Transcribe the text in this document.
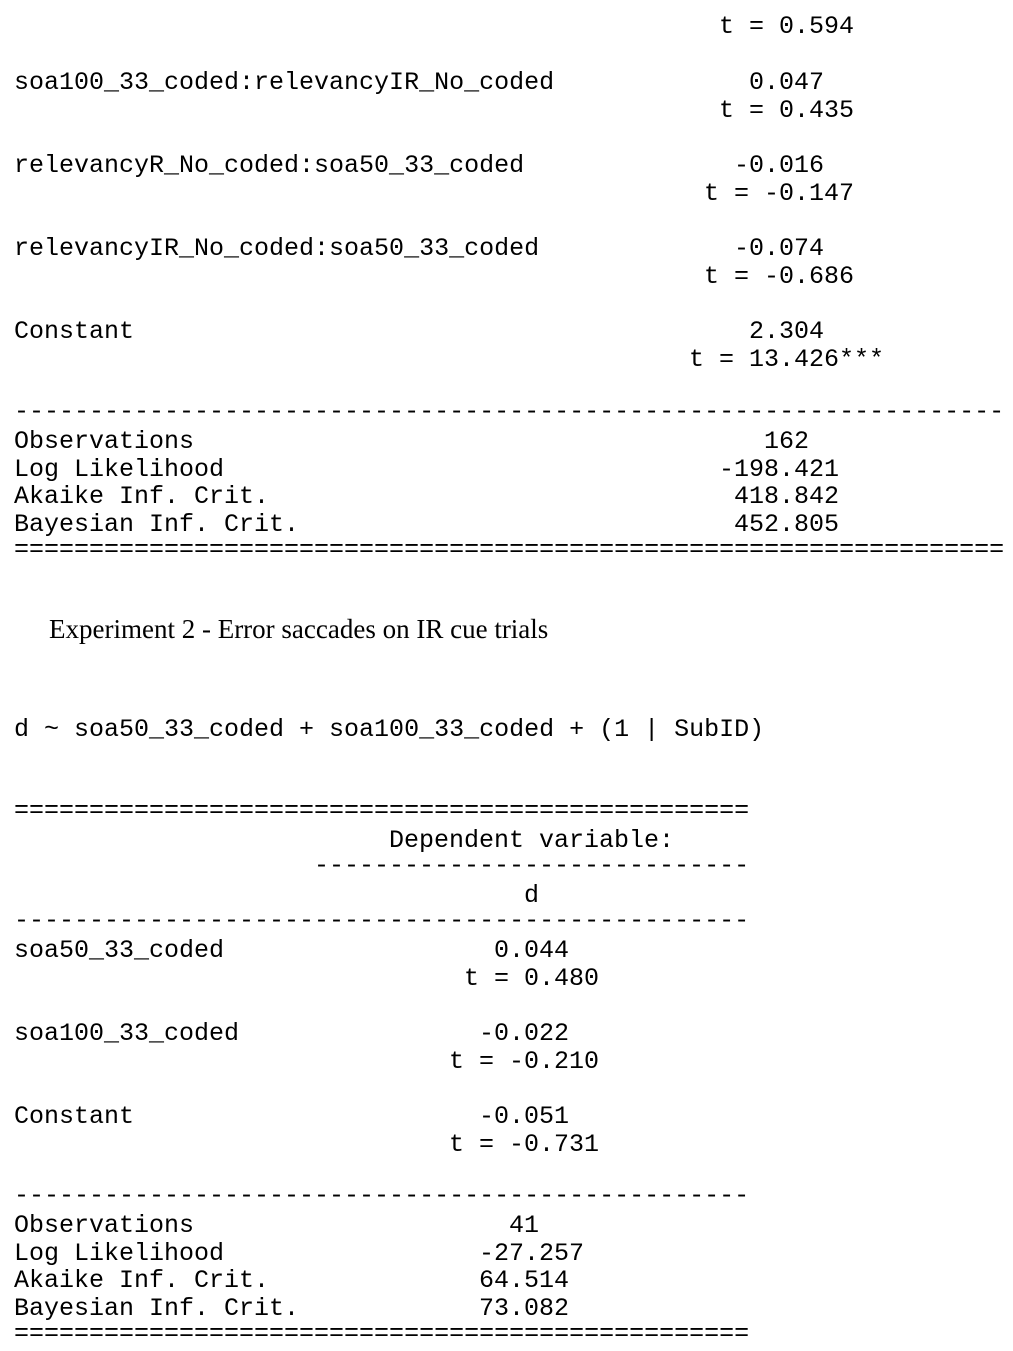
t = 0.594
soa100_33_coded:relevancyIR_No_coded	0.047
t = 0.435
relevancyR_No_coded:soa50_33_coded	-0.016
t = -0.147
relevancyIR_No_coded:soa50_33_coded	-0.074
t = -0.686
Constant	2.304
t = 13.426***
------------------------------------------------------------------
Observations	162
Log Likelihood	-198.421
Akaike Inf. Crit.	418.842
Bayesian Inf. Crit.	452.805
==================================================================
Experiment 2 - Error saccades on IR cue trials
d ~ soa50_33_coded + soa100_33_coded + (1 | SubID)
=================================================
Dependent variable:
-----------------------------
d
-------------------------------------------------
soa50_33_coded	0.044
t = 0.480
soa100_33_coded	-0.022
t = -0.210
Constant	-0.051
t = -0.731
-------------------------------------------------
Observations	41
Log Likelihood	-27.257
Akaike Inf. Crit.	64.514
Bayesian Inf. Crit.	73.082
=================================================
